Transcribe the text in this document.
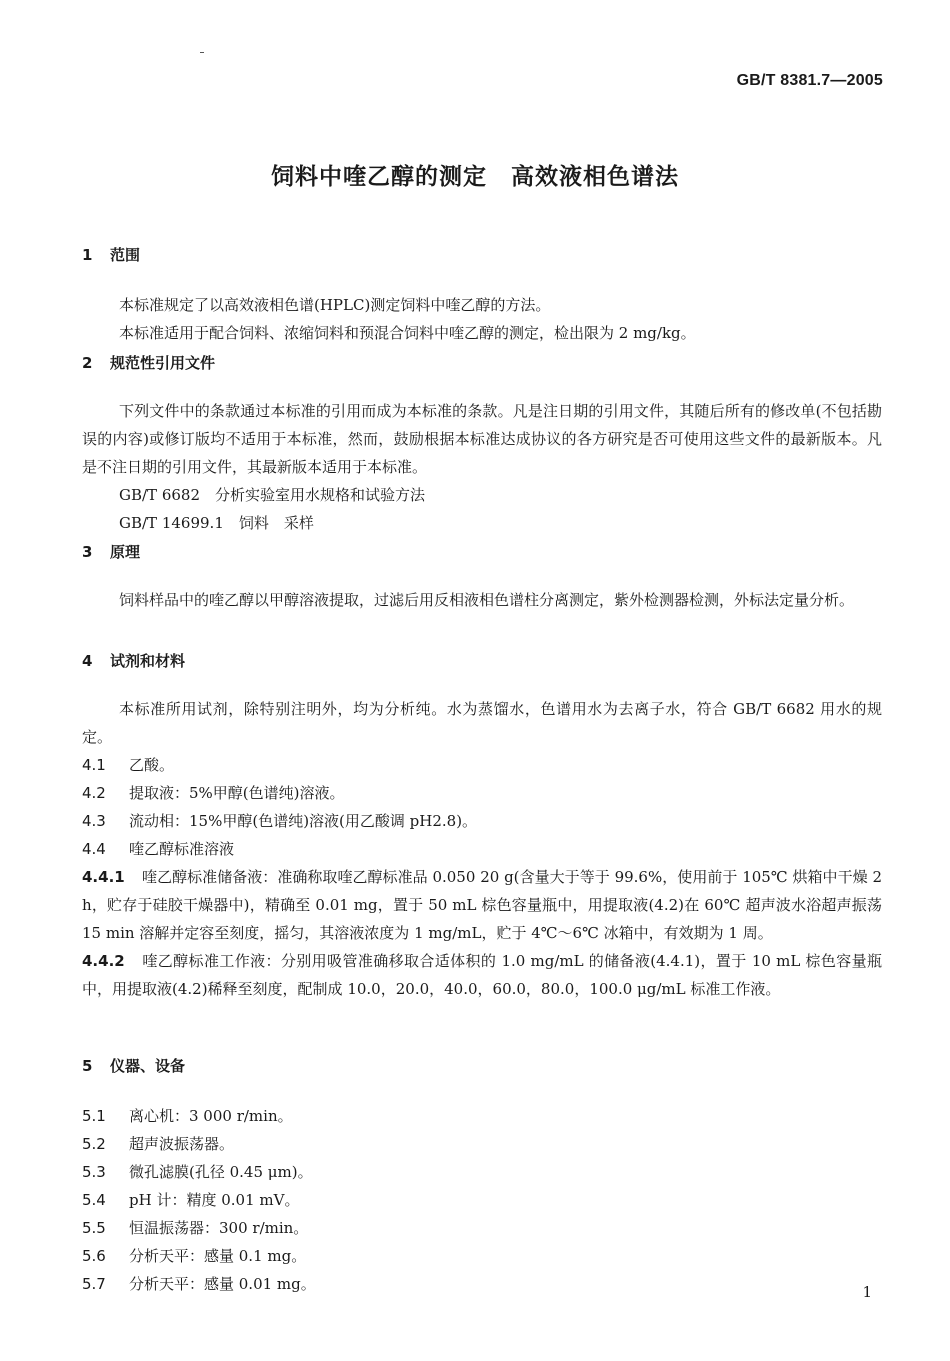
GB/T 8381.7—2005
饲料中喹乙醇的测定　高效液相色谱法
1 范围
本标准规定了以高效液相色谱(HPLC)测定饲料中喹乙醇的方法。
本标准适用于配合饲料、浓缩饲料和预混合饲料中喹乙醇的测定，检出限为 2 mg/kg。
2 规范性引用文件
下列文件中的条款通过本标准的引用而成为本标准的条款。凡是注日期的引用文件，其随后所有的修改单(不包括勘误的内容)或修订版均不适用于本标准，然而，鼓励根据本标准达成协议的各方研究是否可使用这些文件的最新版本。凡是不注日期的引用文件，其最新版本适用于本标准。
GB/T 6682　分析实验室用水规格和试验方法
GB/T 14699.1　饲料　采样
3 原理
饲料样品中的喹乙醇以甲醇溶液提取，过滤后用反相液相色谱柱分离测定，紫外检测器检测，外标法定量分析。
4 试剂和材料
本标准所用试剂，除特别注明外，均为分析纯。水为蒸馏水，色谱用水为去离子水，符合 GB/T 6682 用水的规定。
4.1 乙酸。
4.2 提取液：5%甲醇(色谱纯)溶液。
4.3 流动相：15%甲醇(色谱纯)溶液(用乙酸调 pH2.8)。
4.4 喹乙醇标准溶液
4.4.1 喹乙醇标准储备液：准确称取喹乙醇标准品 0.050 20 g(含量大于等于 99.6%，使用前于 105℃ 烘箱中干燥 2 h，贮存于硅胶干燥器中)，精确至 0.01 mg，置于 50 mL 棕色容量瓶中，用提取液(4.2)在 60℃ 超声波水浴超声振荡 15 min 溶解并定容至刻度，摇匀，其溶液浓度为 1 mg/mL，贮于 4℃～6℃ 冰箱中，有效期为 1 周。
4.4.2 喹乙醇标准工作液：分别用吸管准确移取合适体积的 1.0 mg/mL 的储备液(4.4.1)，置于 10 mL 棕色容量瓶中，用提取液(4.2)稀释至刻度，配制成 10.0，20.0，40.0，60.0，80.0，100.0 μg/mL 标准工作液。
5 仪器、设备
5.1 离心机：3 000 r/min。
5.2 超声波振荡器。
5.3 微孔滤膜(孔径 0.45 μm)。
5.4 pH 计：精度 0.01 mV。
5.5 恒温振荡器：300 r/min。
5.6 分析天平：感量 0.1 mg。
5.7 分析天平：感量 0.01 mg。	1
